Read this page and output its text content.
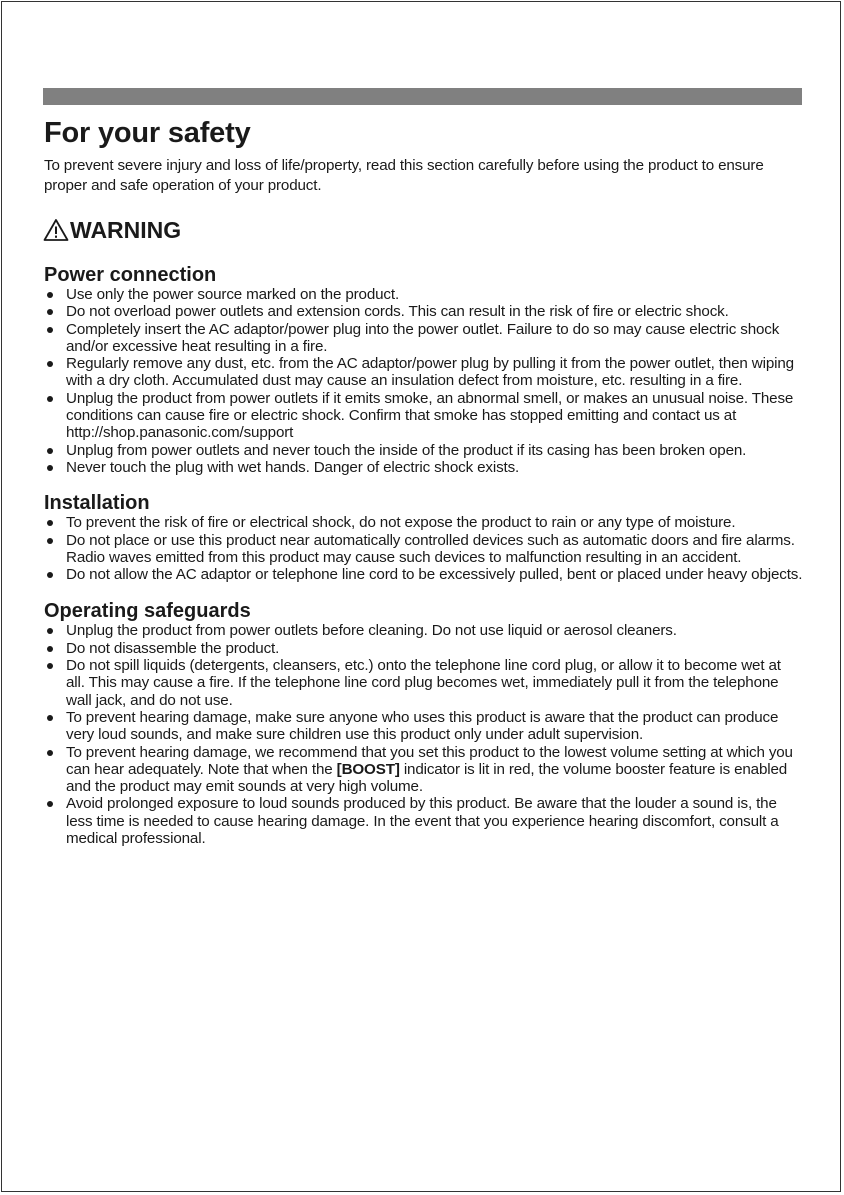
For your safety

To prevent severe injury and loss of life/property, read this section carefully before using the product to ensure proper and safe operation of your product.

WARNING
Power connection
Use only the power source marked on the product.
Do not overload power outlets and extension cords. This can result in the risk of fire or electric shock.
Completely insert the AC adaptor/power plug into the power outlet. Failure to do so may cause electric shock and/or excessive heat resulting in a fire.
Regularly remove any dust, etc. from the AC adaptor/power plug by pulling it from the power outlet, then wiping with a dry cloth. Accumulated dust may cause an insulation defect from moisture, etc. resulting in a fire.
Unplug the product from power outlets if it emits smoke, an abnormal smell, or makes an unusual noise. These conditions can cause fire or electric shock. Confirm that smoke has stopped emitting and contact us at http://shop.panasonic.com/support
Unplug from power outlets and never touch the inside of the product if its casing has been broken open.
Never touch the plug with wet hands. Danger of electric shock exists.
Installation
To prevent the risk of fire or electrical shock, do not expose the product to rain or any type of moisture.
Do not place or use this product near automatically controlled devices such as automatic doors and fire alarms. Radio waves emitted from this product may cause such devices to malfunction resulting in an accident.
Do not allow the AC adaptor or telephone line cord to be excessively pulled, bent or placed under heavy objects.
Operating safeguards
Unplug the product from power outlets before cleaning. Do not use liquid or aerosol cleaners.
Do not disassemble the product.
Do not spill liquids (detergents, cleansers, etc.) onto the telephone line cord plug, or allow it to become wet at all. This may cause a fire. If the telephone line cord plug becomes wet, immediately pull it from the telephone wall jack, and do not use.
To prevent hearing damage, make sure anyone who uses this product is aware that the product can produce very loud sounds, and make sure children use this product only under adult supervision.
To prevent hearing damage, we recommend that you set this product to the lowest volume setting at which you can hear adequately. Note that when the [BOOST] indicator is lit in red, the volume booster feature is enabled and the product may emit sounds at very high volume.
Avoid prolonged exposure to loud sounds produced by this product. Be aware that the louder a sound is, the less time is needed to cause hearing damage. In the event that you experience hearing discomfort, consult a medical professional.
